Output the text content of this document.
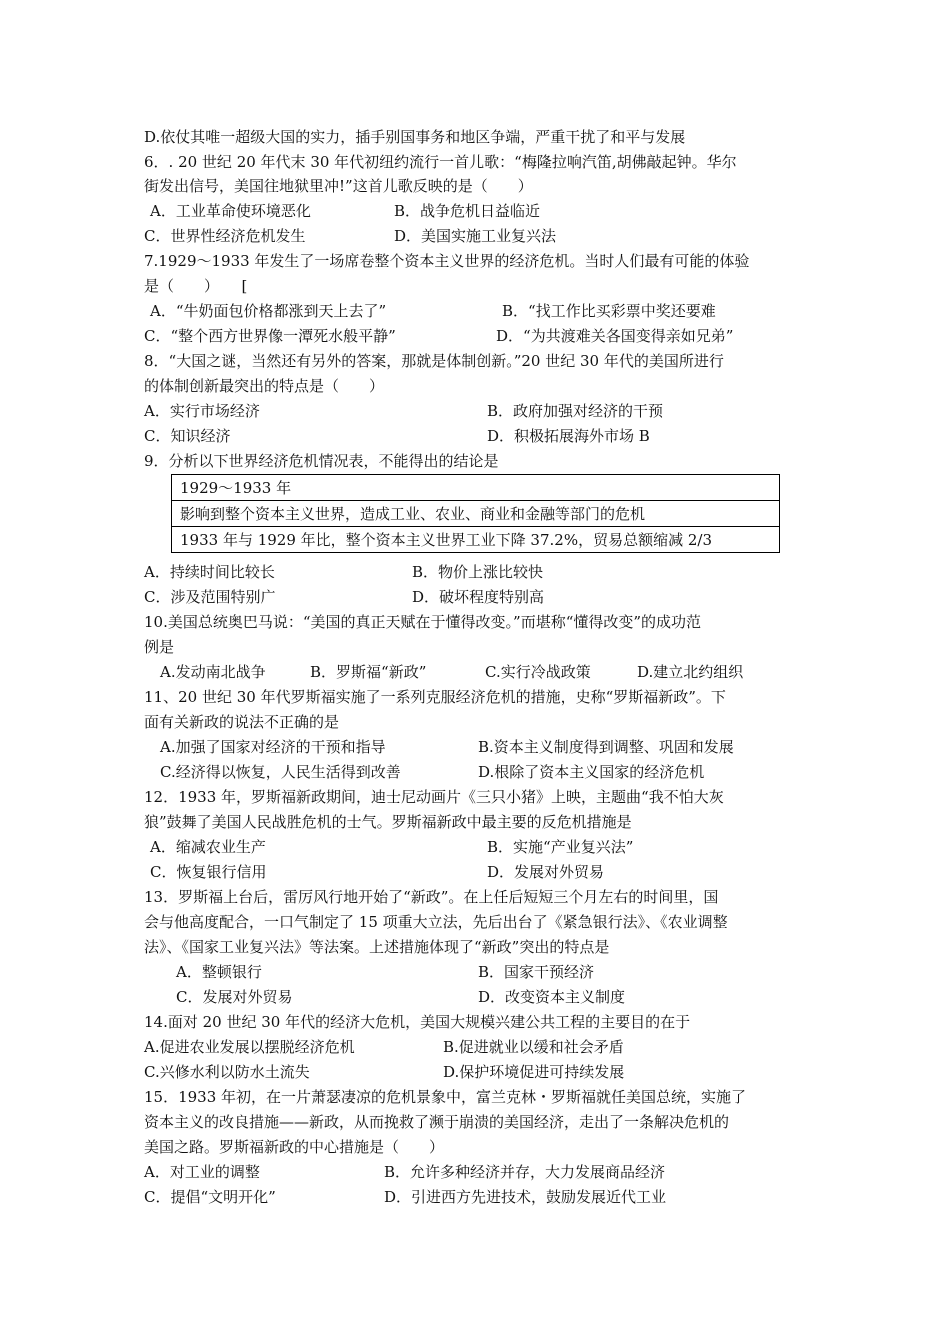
D.依仗其唯一超级大国的实力，插手别国事务和地区争端，严重干扰了和平与发展
6．. 20 世纪 20 年代末 30 年代初纽约流行一首儿歌：“梅隆拉响汽笛,胡佛敲起钟。华尔
街发出信号，美国往地狱里冲!”这首儿歌反映的是（　　）
A．工业革命使环境恶化	B．战争危机日益临近
C．世界性经济危机发生	D．美国实施工业复兴法
7.1929～1933 年发生了一场席卷整个资本主义世界的经济危机。当时人们最有可能的体验
是（　　）　　[
A．“牛奶面包价格都涨到天上去了”	B．“找工作比买彩票中奖还要难
C．“整个西方世界像一潭死水般平静”	D．“为共渡难关各国变得亲如兄弟”
8．“大国之谜，当然还有另外的答案，那就是体制创新。”20 世纪 30 年代的美国所进行
的体制创新最突出的特点是（　　）
A．实行市场经济	B．政府加强对经济的干预
C．知识经济	D．积极拓展海外市场 B
9．分析以下世界经济危机情况表，不能得出的结论是
1929～1933 年
影响到整个资本主义世界，造成工业、农业、商业和金融等部门的危机
1933 年与 1929 年比，整个资本主义世界工业下降 37.2%，贸易总额缩减 2/3
A．持续时间比较长	B．物价上涨比较快
C．涉及范围特别广	D．破坏程度特别高
10.美国总统奥巴马说：“美国的真正天赋在于懂得改变。”而堪称“懂得改变”的成功范
例是
A.发动南北战争	B．罗斯福“新政”	C.实行冷战政策	D.建立北约组织
11、20 世纪 30 年代罗斯福实施了一系列克服经济危机的措施，史称“罗斯福新政”。下
面有关新政的说法不正确的是
A.加强了国家对经济的干预和指导	B.资本主义制度得到调整、巩固和发展
C.经济得以恢复，人民生活得到改善	D.根除了资本主义国家的经济危机
12．1933 年，罗斯福新政期间，迪士尼动画片《三只小猪》上映，主题曲“我不怕大灰
狼”鼓舞了美国人民战胜危机的士气。罗斯福新政中最主要的反危机措施是
A．缩减农业生产	B．实施“产业复兴法”
C．恢复银行信用	D．发展对外贸易
13．罗斯福上台后，雷厉风行地开始了“新政”。在上任后短短三个月左右的时间里，国
会与他高度配合，一口气制定了 15 项重大立法，先后出台了《紧急银行法》、《农业调整
法》、《国家工业复兴法》等法案。上述措施体现了“新政”突出的特点是
A．整顿银行	B．国家干预经济
C．发展对外贸易	D．改变资本主义制度
14.面对 20 世纪 30 年代的经济大危机，美国大规模兴建公共工程的主要目的在于
A.促进农业发展以摆脱经济危机	B.促进就业以缓和社会矛盾
C.兴修水利以防水土流失	D.保护环境促进可持续发展
15．1933 年初，在一片萧瑟凄凉的危机景象中，富兰克林・罗斯福就任美国总统，实施了
资本主义的改良措施——新政，从而挽救了濒于崩溃的美国经济，走出了一条解决危机的
美国之路。罗斯福新政的中心措施是（　　）
A．对工业的调整	B．允许多种经济并存，大力发展商品经济
C．提倡“文明开化”	D．引进西方先进技术，鼓励发展近代工业
